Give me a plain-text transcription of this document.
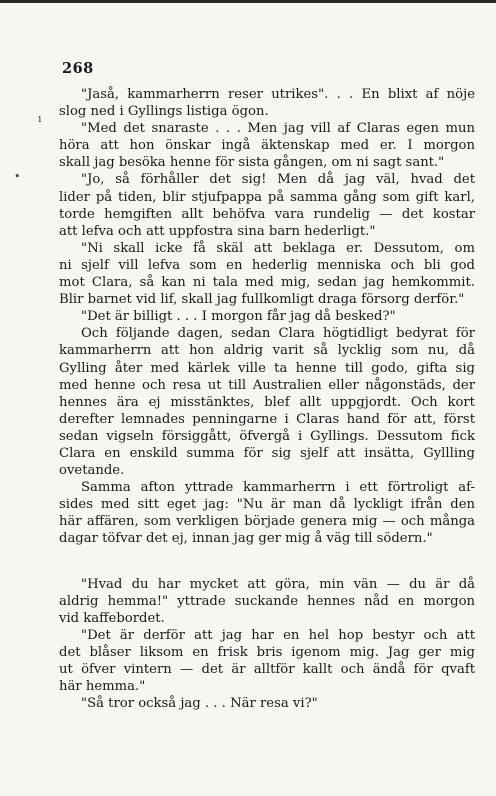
ı
•
268
"Jaså, kammarherrn reser utrikes". . . En blixt af nöje
slog ned i Gyllings listiga ögon.
"Med det snaraste . . . Men jag vill af Claras egen mun
höra att hon önskar ingå äktenskap med er. I morgon
skall jag besöka henne för sista gången, om ni sagt sant."
"Jo, så förhåller det sig! Men då jag väl, hvad det
lider på tiden, blir stjufpappa på samma gång som gift karl,
torde hemgiften allt behöfva vara rundelig — det kostar
att lefva och att uppfostra sina barn hederligt."
"Ni skall icke få skäl att beklaga er. Dessutom, om
ni sjelf vill lefva som en hederlig menniska och bli god
mot Clara, så kan ni tala med mig, sedan jag hemkommit.
Blir barnet vid lif, skall jag fullkomligt draga försorg derför."
"Det är billigt . . . I morgon får jag då besked?"
Och följande dagen, sedan Clara högtidligt bedyrat för
kammarherrn att hon aldrig varit så lycklig som nu, då
Gylling åter med kärlek ville ta henne till godo, gifta sig
med henne och resa ut till Australien eller någonstäds, der
hennes ära ej misstänktes, blef allt uppgjordt. Och kort
derefter lemnades penningarne i Claras hand för att, först
sedan vigseln försiggått, öfvergå i Gyllings. Dessutom fick
Clara en enskild summa för sig sjelf att insätta, Gyllling
ovetande.
Samma afton yttrade kammarherrn i ett förtroligt af-
sides med sitt eget jag: "Nu är man då lyckligt ifrån den
här affären, som verkligen började genera mig — och många
dagar töfvar det ej, innan jag ger mig å väg till södern."
"Hvad du har mycket att göra, min vän — du är då
aldrig hemma!" yttrade suckande hennes nåd en morgon
vid kaffebordet.
"Det är derför att jag har en hel hop bestyr och att
det blåser liksom en frisk bris igenom mig. Jag ger mig
ut öfver vintern — det är alltför kallt och ändå för qvaft
här hemma."
"Så tror också jag . . . När resa vi?"
